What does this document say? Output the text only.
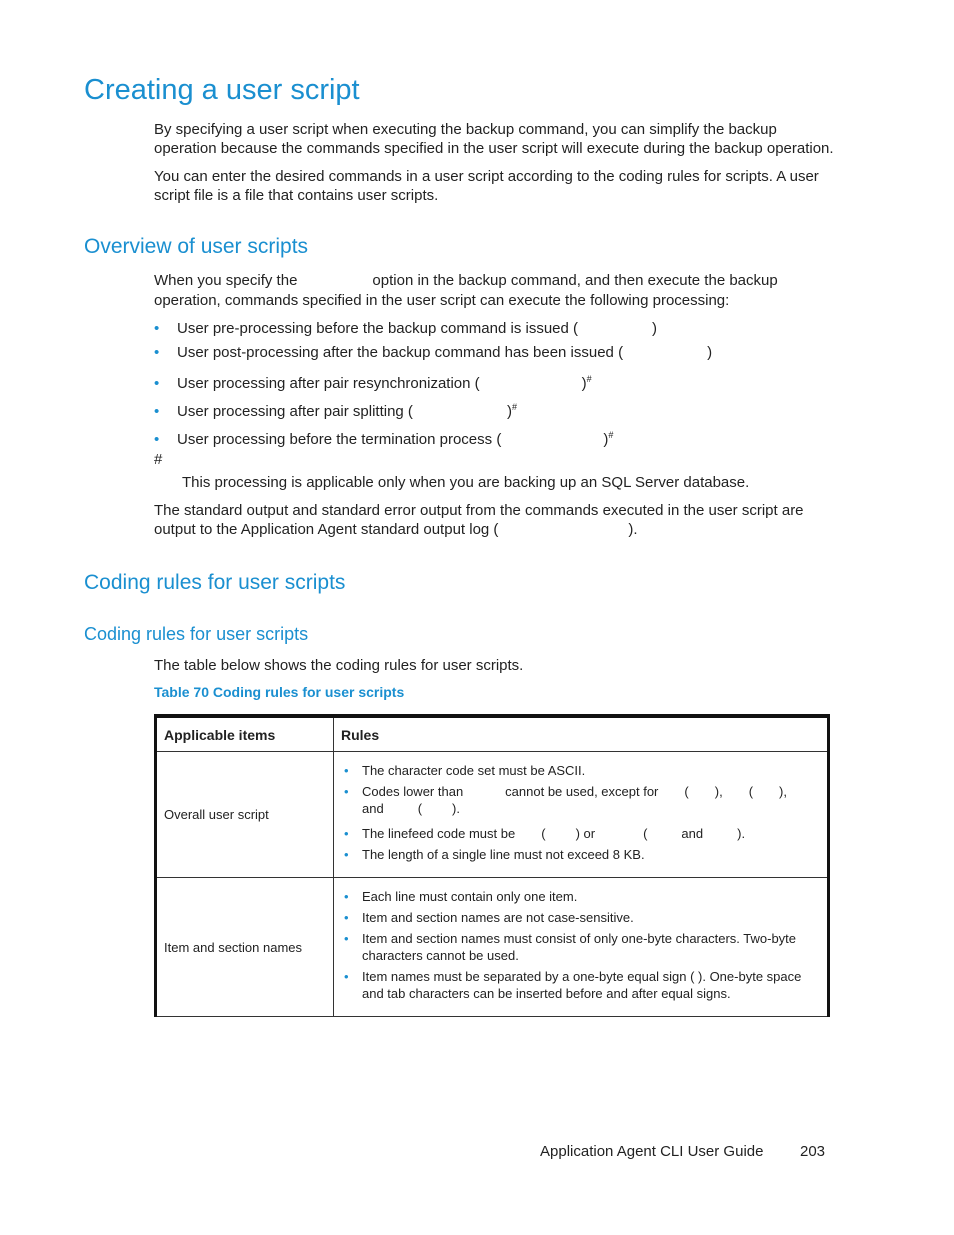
Creating a user script
By specifying a user script when executing the backup command, you can simplify the backup operation because the commands specified in the user script will execute during the backup operation.
You can enter the desired commands in a user script according to the coding rules for scripts. A user script file is a file that contains user scripts.
Overview of user scripts
When you specify the	option in the backup command, and then execute the backup
operation, commands specified in the user script can execute the following processing:
• User pre-processing before the backup command is issued (	)
• User post-processing after the backup command has been issued (	)
• User processing after pair resynchronization (	)#
• User processing after pair splitting (	)#
• User processing before the termination process (	)#
#
This processing is applicable only when you are backing up an SQL Server database.
The standard output and standard error output from the commands executed in the user script are
output to the Application Agent standard output log (	).
Coding rules for user scripts
Coding rules for user scripts
The table below shows the coding rules for user scripts.
Table 70 Coding rules for user scripts
Applicable items	Rules
Overall user script	• The character code set must be ASCII.
• Codes lower than cannot be used, except for ( ), ( ),
and ( ).
• The linefeed code must be ( ) or ( and ).
• The length of a single line must not exceed 8 KB.

Item and section names	• Each line must contain only one item.
• Item and section names are not case-sensitive.
• Item and section names must consist of only one-byte characters. Two-byte characters cannot be used.
• Item names must be separated by a one-byte equal sign ( ). One-byte space and tab characters can be inserted before and after equal signs.
Application Agent CLI User Guide 203
